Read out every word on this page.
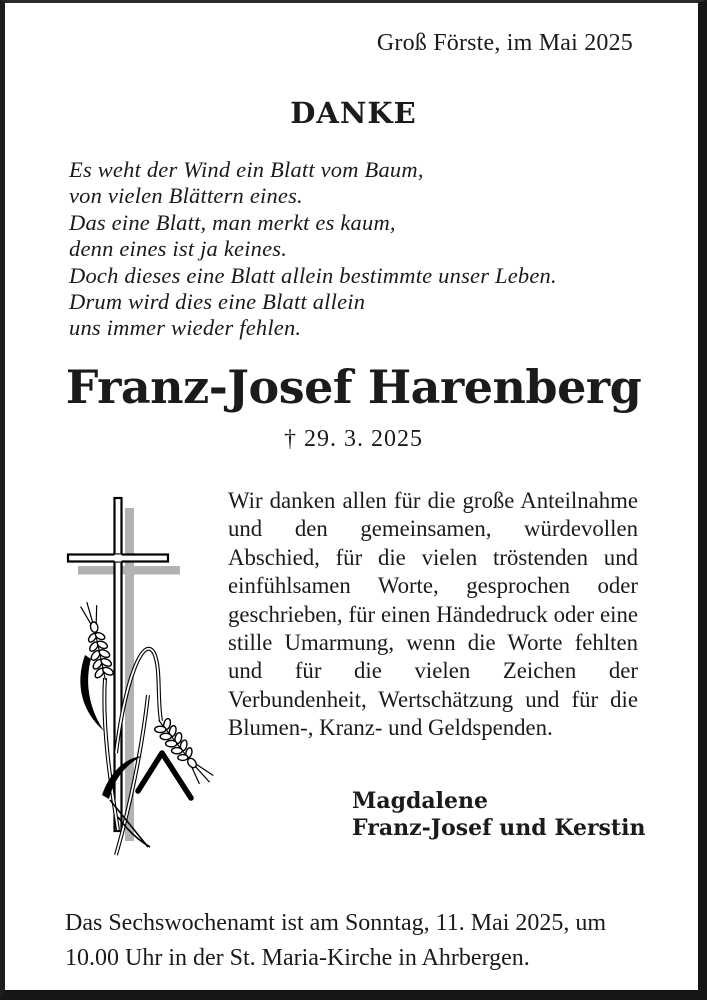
Groß Förste, im Mai 2025
DANKE
Es weht der Wind ein Blatt vom Baum,
von vielen Blättern eines.
Das eine Blatt, man merkt es kaum,
denn eines ist ja keines.
Doch dieses eine Blatt allein bestimmte unser Leben.
Drum wird dies eine Blatt allein
uns immer wieder fehlen.
Franz-Josef Harenberg
† 29. 3. 2025

Wir danken allen für die große Anteilnahme und den gemeinsamen, würdevollen Abschied, für die vielen tröstenden und einfühlsamen Worte, gesprochen oder geschrieben, für einen Händedruck oder eine stille Umarmung, wenn die Worte fehlten und für die vielen Zeichen der Verbundenheit, Wertschätzung und für die Blumen-, Kranz- und Geldspenden.

Magdalene
Franz-Josef und Kerstin
Das Sechswochenamt ist am Sonntag, 11. Mai 2025, um
10.00 Uhr in der St. Maria-Kirche in Ahrbergen.
